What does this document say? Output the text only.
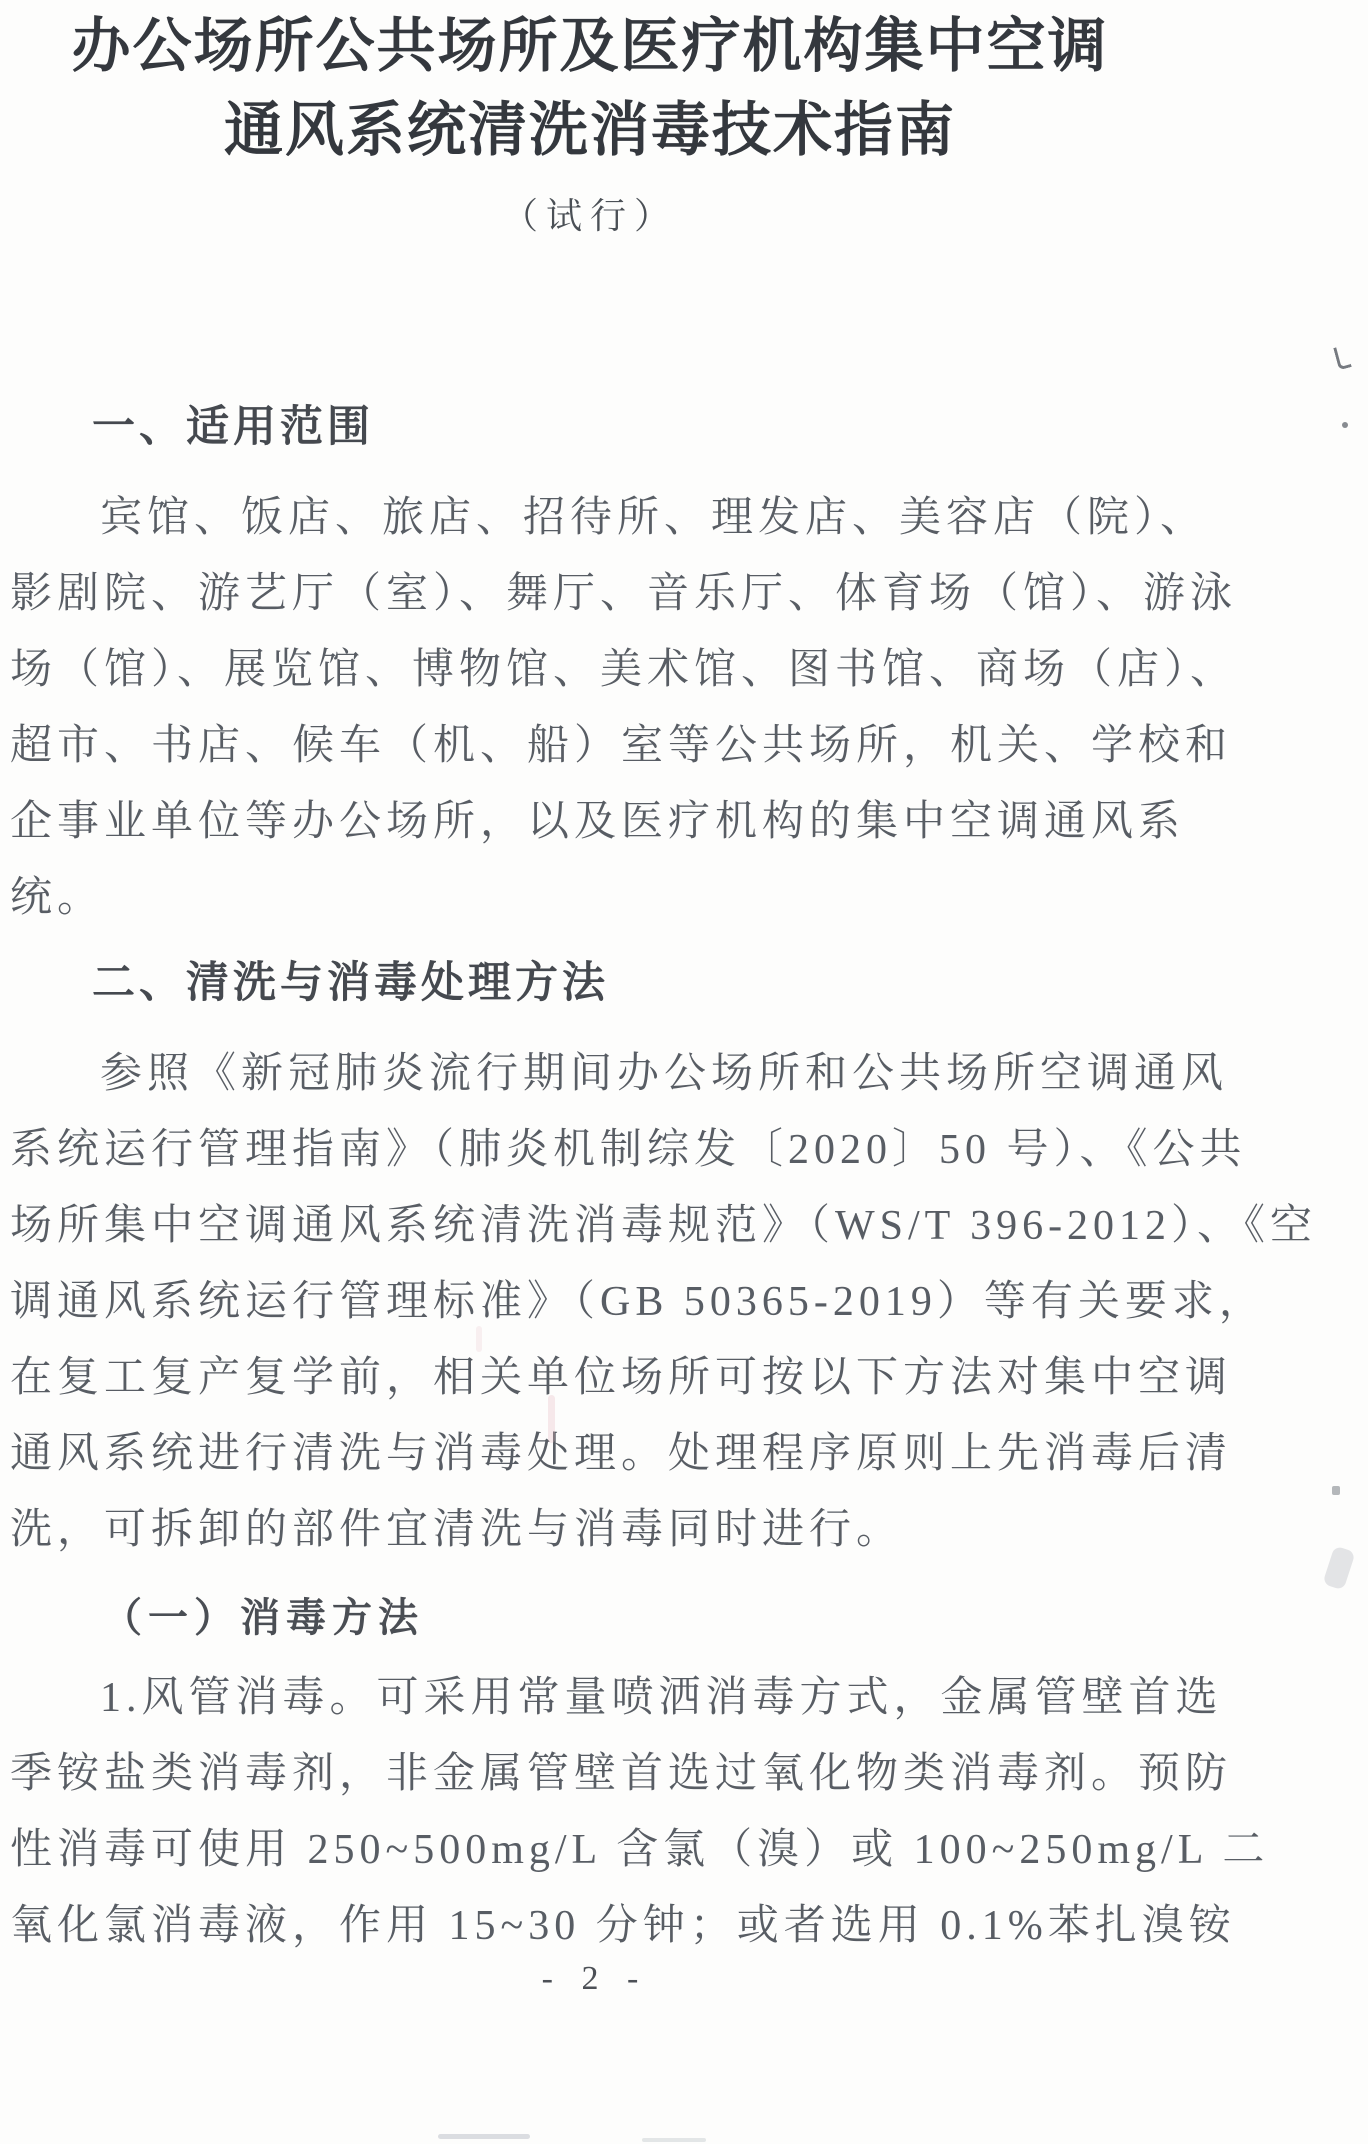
办公场所公共场所及医疗机构集中空调
通风系统清洗消毒技术指南
（试行）
一、适用范围
宾馆、饭店、旅店、招待所、理发店、美容店（院）、
影剧院、游艺厅（室）、舞厅、音乐厅、体育场（馆）、游泳
场（馆）、展览馆、博物馆、美术馆、图书馆、商场（店）、
超市、书店、候车（机、船）室等公共场所，机关、学校和
企事业单位等办公场所，以及医疗机构的集中空调通风系
统。
二、清洗与消毒处理方法
参照《新冠肺炎流行期间办公场所和公共场所空调通风
系统运行管理指南》（肺炎机制综发〔2020〕50 号）、《公共
场所集中空调通风系统清洗消毒规范》（WS/T 396-2012）、《空
调通风系统运行管理标准》（GB 50365-2019）等有关要求，
在复工复产复学前，相关单位场所可按以下方法对集中空调
通风系统进行清洗与消毒处理。处理程序原则上先消毒后清
洗，可拆卸的部件宜清洗与消毒同时进行。
（一）消毒方法
1.风管消毒。可采用常量喷洒消毒方式，金属管壁首选
季铵盐类消毒剂，非金属管壁首选过氧化物类消毒剂。预防
性消毒可使用 250~500mg/L 含氯（溴）或 100~250mg/L 二
氧化氯消毒液，作用 15~30 分钟；或者选用 0.1%苯扎溴铵
- 2 -
